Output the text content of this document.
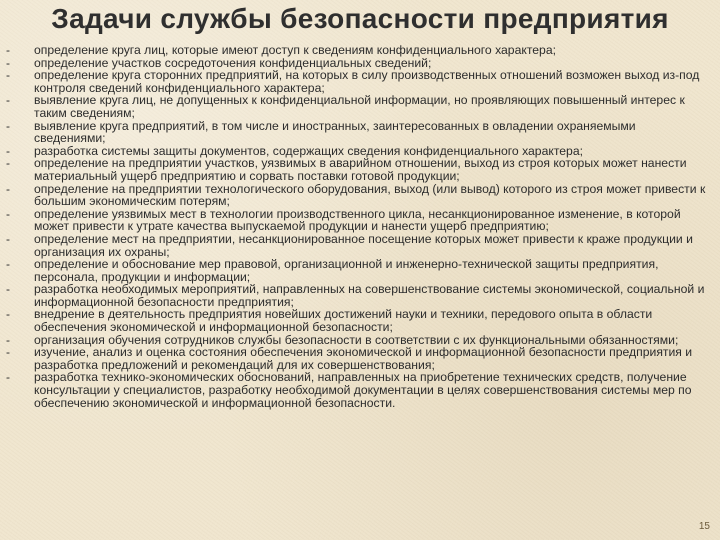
Задачи службы безопасности предприятия
-	определение круга лиц, которые имеют доступ к сведениям конфиденциального характера;
-	определение участков сосредоточения конфиденциальных сведений;
-	определение круга сторонних предприятий, на которых в силу производственных отношений возможен выход из-под контроля сведений конфиденциального характера;
-	выявление круга лиц, не допущенных к конфиденциальной информации, но проявляющих повышенный интерес к таким сведениям;
-	выявление круга предприятий, в том числе и иностранных, заинтересованных в овладении охраняемыми сведениями;
-	разработка системы защиты документов, содержащих сведения конфиденциального характера;
-	определение на предприятии участков, уязвимых в аварийном отношении, выход из строя которых может нанести материальный ущерб предприятию и сорвать поставки готовой продукции;
-	определение на предприятии технологического оборудования, выход (или вывод) которого из строя может привести к большим экономическим потерям;
-	определение уязвимых мест в технологии производственного цикла, несанкционированное изменение, в которой может привести к утрате качества выпускаемой продукции и нанести ущерб предприятию;
-	определение мест на предприятии, несанкционированное посещение которых может привести к краже продукции и организация их охраны;
-	определение и обоснование мер правовой, организационной и инженерно-технической защиты предприятия, персонала, продукции и информации;
-	разработка необходимых мероприятий, направленных на совершенствование системы экономической, социальной и информационной безопасности предприятия;
-	внедрение в деятельность предприятия новейших достижений науки и техники, передового опыта в области обеспечения экономической и информационной безопасности;
-	организация обучения сотрудников службы безопасности в соответствии с их функциональными обязанностями;
-	изучение, анализ и оценка состояния обеспечения экономической и информационной безопасности предприятия и разработка предложений и рекомендаций для их совершенствования;
-	разработка технико-экономических обоснований, направленных на приобретение технических средств, получение консультации у специалистов, разработку необходимой документации в целях совершенствования системы мер по обеспечению экономической и информационной безопасности.
15
